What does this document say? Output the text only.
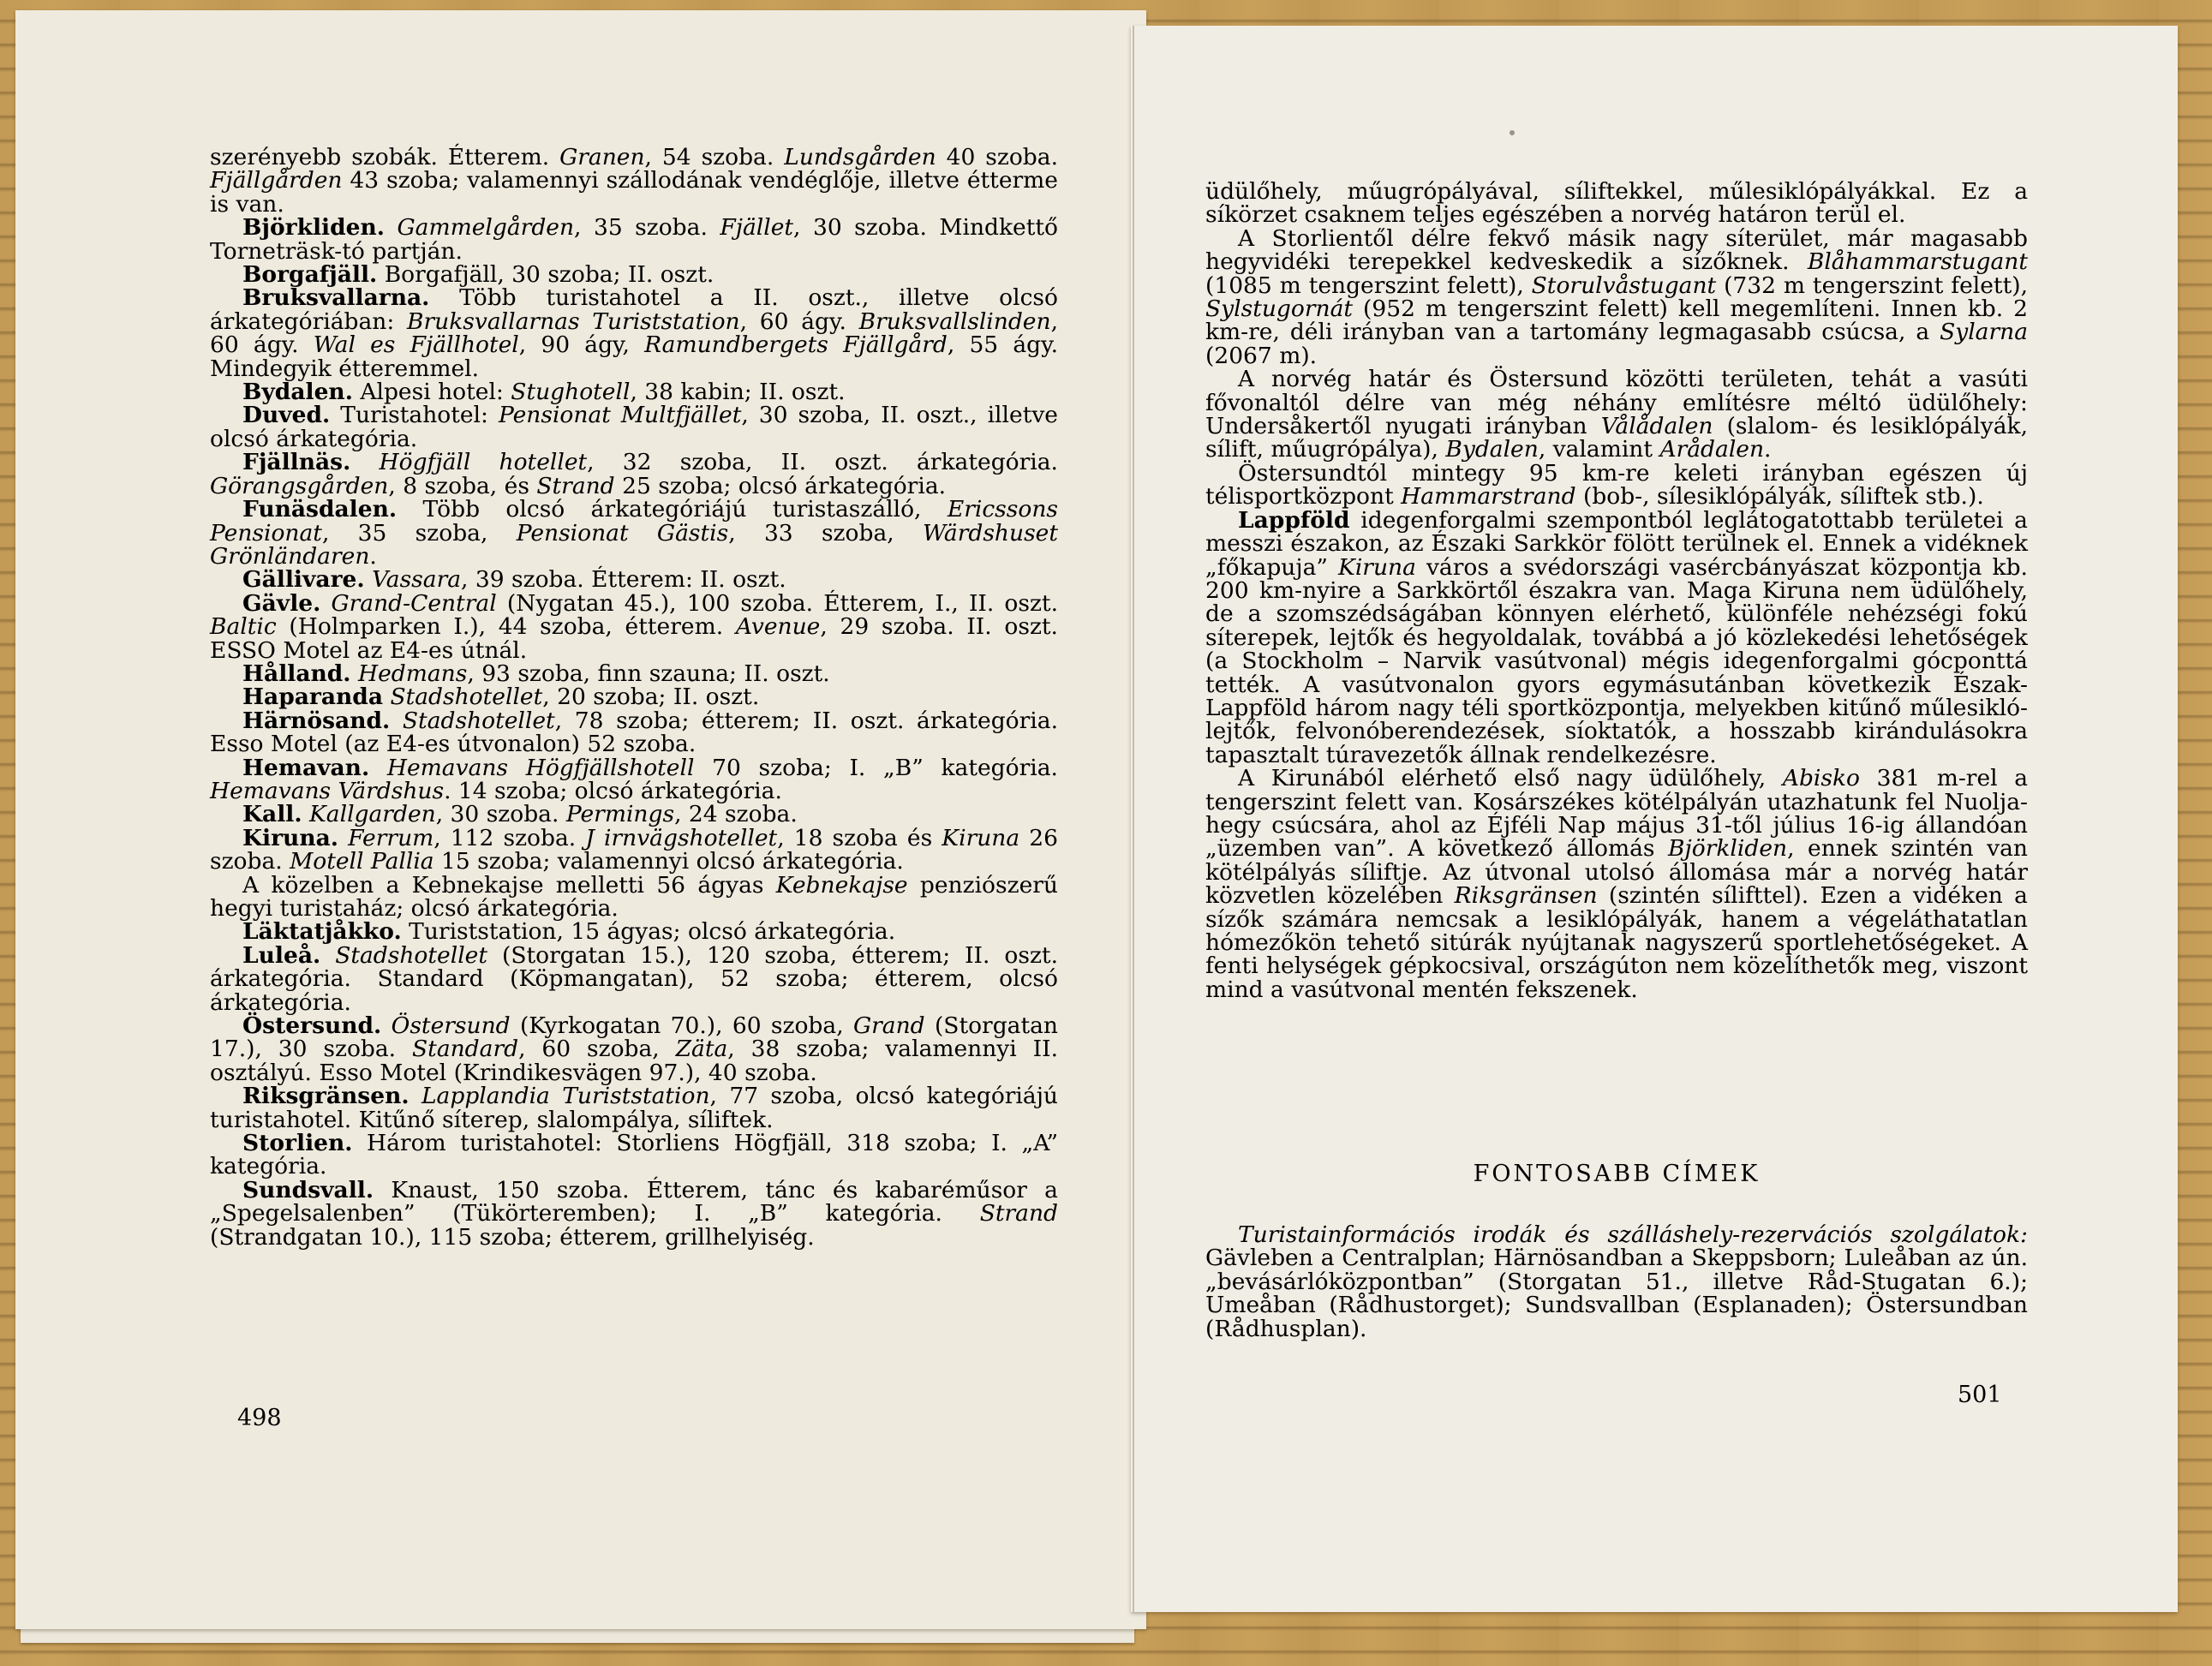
szerényebb szobák. Étterem. Granen, 54 szoba. Lundsgården 40 szoba. Fjällgården 43 szoba; valamennyi szállodának vendéglője, illetve étterme is van.

Björkliden. Gammelgården, 35 szoba. Fjället, 30 szoba. Mindkettő Torneträsk-tó partján.

Borgafjäll. Borgafjäll, 30 szoba; II. oszt.

Bruksvallarna. Több turistahotel a II. oszt., illetve olcsó árkategóriában: Bruksvallarnas Turiststation, 60 ágy. Bruksvallslinden, 60 ágy. Wal es Fjällhotel, 90 ágy, Ramundbergets Fjällgård, 55 ágy. Mindegyik étteremmel.

Bydalen. Alpesi hotel: Stughotell, 38 kabin; II. oszt.

Duved. Turistahotel: Pensionat Multfjället, 30 szoba, II. oszt., illetve olcsó árkategória.

Fjällnäs. Högfjäll hotellet, 32 szoba, II. oszt. árkategória. Görangsgården, 8 szoba, és Strand 25 szoba; olcsó árkategória.

Funäsdalen. Több olcsó árkategóriájú turistaszálló, Ericssons Pensionat, 35 szoba, Pensionat Gästis, 33 szoba, Wärdshuset Grönländaren.

Gällivare. Vassara, 39 szoba. Étterem: II. oszt.

Gävle. Grand-Central (Nygatan 45.), 100 szoba. Étterem, I., II. oszt. Baltic (Holmparken I.), 44 szoba, étterem. Avenue, 29 szoba. II. oszt. ESSO Motel az E4-es útnál.

Hålland. Hedmans, 93 szoba, finn szauna; II. oszt.

Haparanda Stadshotellet, 20 szoba; II. oszt.

Härnösand. Stadshotellet, 78 szoba; étterem; II. oszt. árkategória. Esso Motel (az E4-es útvonalon) 52 szoba.

Hemavan. Hemavans Högfjällshotell 70 szoba; I. „B” kategória. Hemavans Värdshus. 14 szoba; olcsó árkategória.

Kall. Kallgarden, 30 szoba. Permings, 24 szoba.

Kiruna. Ferrum, 112 szoba. J irnvägshotellet, 18 szoba és Kiruna 26 szoba. Motell Pallia 15 szoba; valamennyi olcsó árkategória.

A közelben a Kebnekajse melletti 56 ágyas Kebnekajse penziószerű hegyi turistaház; olcsó árkategória.

Läktatjåkko. Turiststation, 15 ágyas; olcsó árkategória.

Luleå. Stadshotellet (Storgatan 15.), 120 szoba, étterem; II. oszt. árkategória. Standard (Köpmangatan), 52 szoba; étterem, olcsó árkategória.

Östersund. Östersund (Kyrkogatan 70.), 60 szoba, Grand (Storgatan 17.), 30 szoba. Standard, 60 szoba, Zäta, 38 szoba; valamennyi II. osztályú. Esso Motel (Krindikesvägen 97.), 40 szoba.

Riksgränsen. Lapplandia Turiststation, 77 szoba, olcsó kategóriájú turistahotel. Kitűnő síterep, slalompálya, síliftek.

Storlien. Három turistahotel: Storliens Högfjäll, 318 szoba; I. „A” kategória.

Sundsvall. Knaust, 150 szoba. Étterem, tánc és kabaréműsor a „Spegelsalenben” (Tükörteremben); I. „B” kategória. Strand (Strandgatan 10.), 115 szoba; étterem, grillhelyiség.

üdülőhely, műugrópályával, síliftekkel, műlesiklópályákkal. Ez a síkörzet csaknem teljes egészében a norvég határon terül el.

A Storlientől délre fekvő másik nagy síterület, már magasabb hegyvidéki terepekkel kedveskedik a sízőknek. Blåhammarstugant (1085 m tengerszint felett), Storulvåstugant (732 m tengerszint felett), Sylstugornát (952 m tengerszint felett) kell megemlíteni. Innen kb. 2 km-re, déli irányban van a tartomány legmagasabb csúcsa, a Sylarna (2067 m).

A norvég határ és Östersund közötti területen, tehát a vasúti fővonaltól délre van még néhány említésre méltó üdülőhely: Undersåkertől nyugati irányban Vålådalen (slalom- és lesiklópályák, sílift, műugrópálya), Bydalen, valamint Arådalen.

Östersundtól mintegy 95 km-re keleti irányban egészen új télisportközpont Hammarstrand (bob-, sílesiklópályák, síliftek stb.).

Lappföld idegenforgalmi szempontból leglátogatottabb területei a messzi északon, az Északi Sarkkör fölött terülnek el. Ennek a vidéknek „főkapuja” Kiruna város a svédországi vasércbányászat központja kb. 200 km-nyire a Sarkkörtől északra van. Maga Kiruna nem üdülőhely, de a szomszédságában könnyen elérhető, különféle nehézségi fokú síterepek, lejtők és hegyoldalak, továbbá a jó közlekedési lehetőségek (a Stockholm – Narvik vasútvonal) mégis idegenforgalmi gócponttá tették. A vasútvonalon gyors egymásutánban következik Észak-Lappföld három nagy téli sportközpontja, melyekben kitűnő műlesikló-lejtők, felvonóberendezések, síoktatók, a hosszabb kirándulásokra tapasztalt túravezetők állnak rendelkezésre.

A Kirunából elérhető első nagy üdülőhely, Abisko 381 m-rel a tengerszint felett van. Kosárszékes kötélpályán utazhatunk fel Nuolja-hegy csúcsára, ahol az Éjféli Nap május 31-től július 16-ig állandóan „üzemben van”. A következő állomás Björkliden, ennek szintén van kötélpályás síliftje. Az útvonal utolsó állomása már a norvég határ közvetlen közelében Riksgränsen (szintén sílifttel). Ezen a vidéken a sízők számára nemcsak a lesiklópályák, hanem a végeláthatatlan hómezőkön tehető sitúrák nyújtanak nagyszerű sportlehetőségeket. A fenti helységek gépkocsival, országúton nem közelíthetők meg, viszont mind a vasútvonal mentén fekszenek.

FONTOSABB CÍMEK

Turistainformációs irodák és szálláshely-rezervációs szolgálatok: Gävleben a Centralplan; Härnösandban a Skeppsborn; Luleåban az ún. „bevásárlóközpontban” (Storgatan 51., illetve Råd-Stugatan 6.); Umeåban (Rådhustorget); Sundsvallban (Esplanaden); Östersundban (Rådhusplan).

498
501
